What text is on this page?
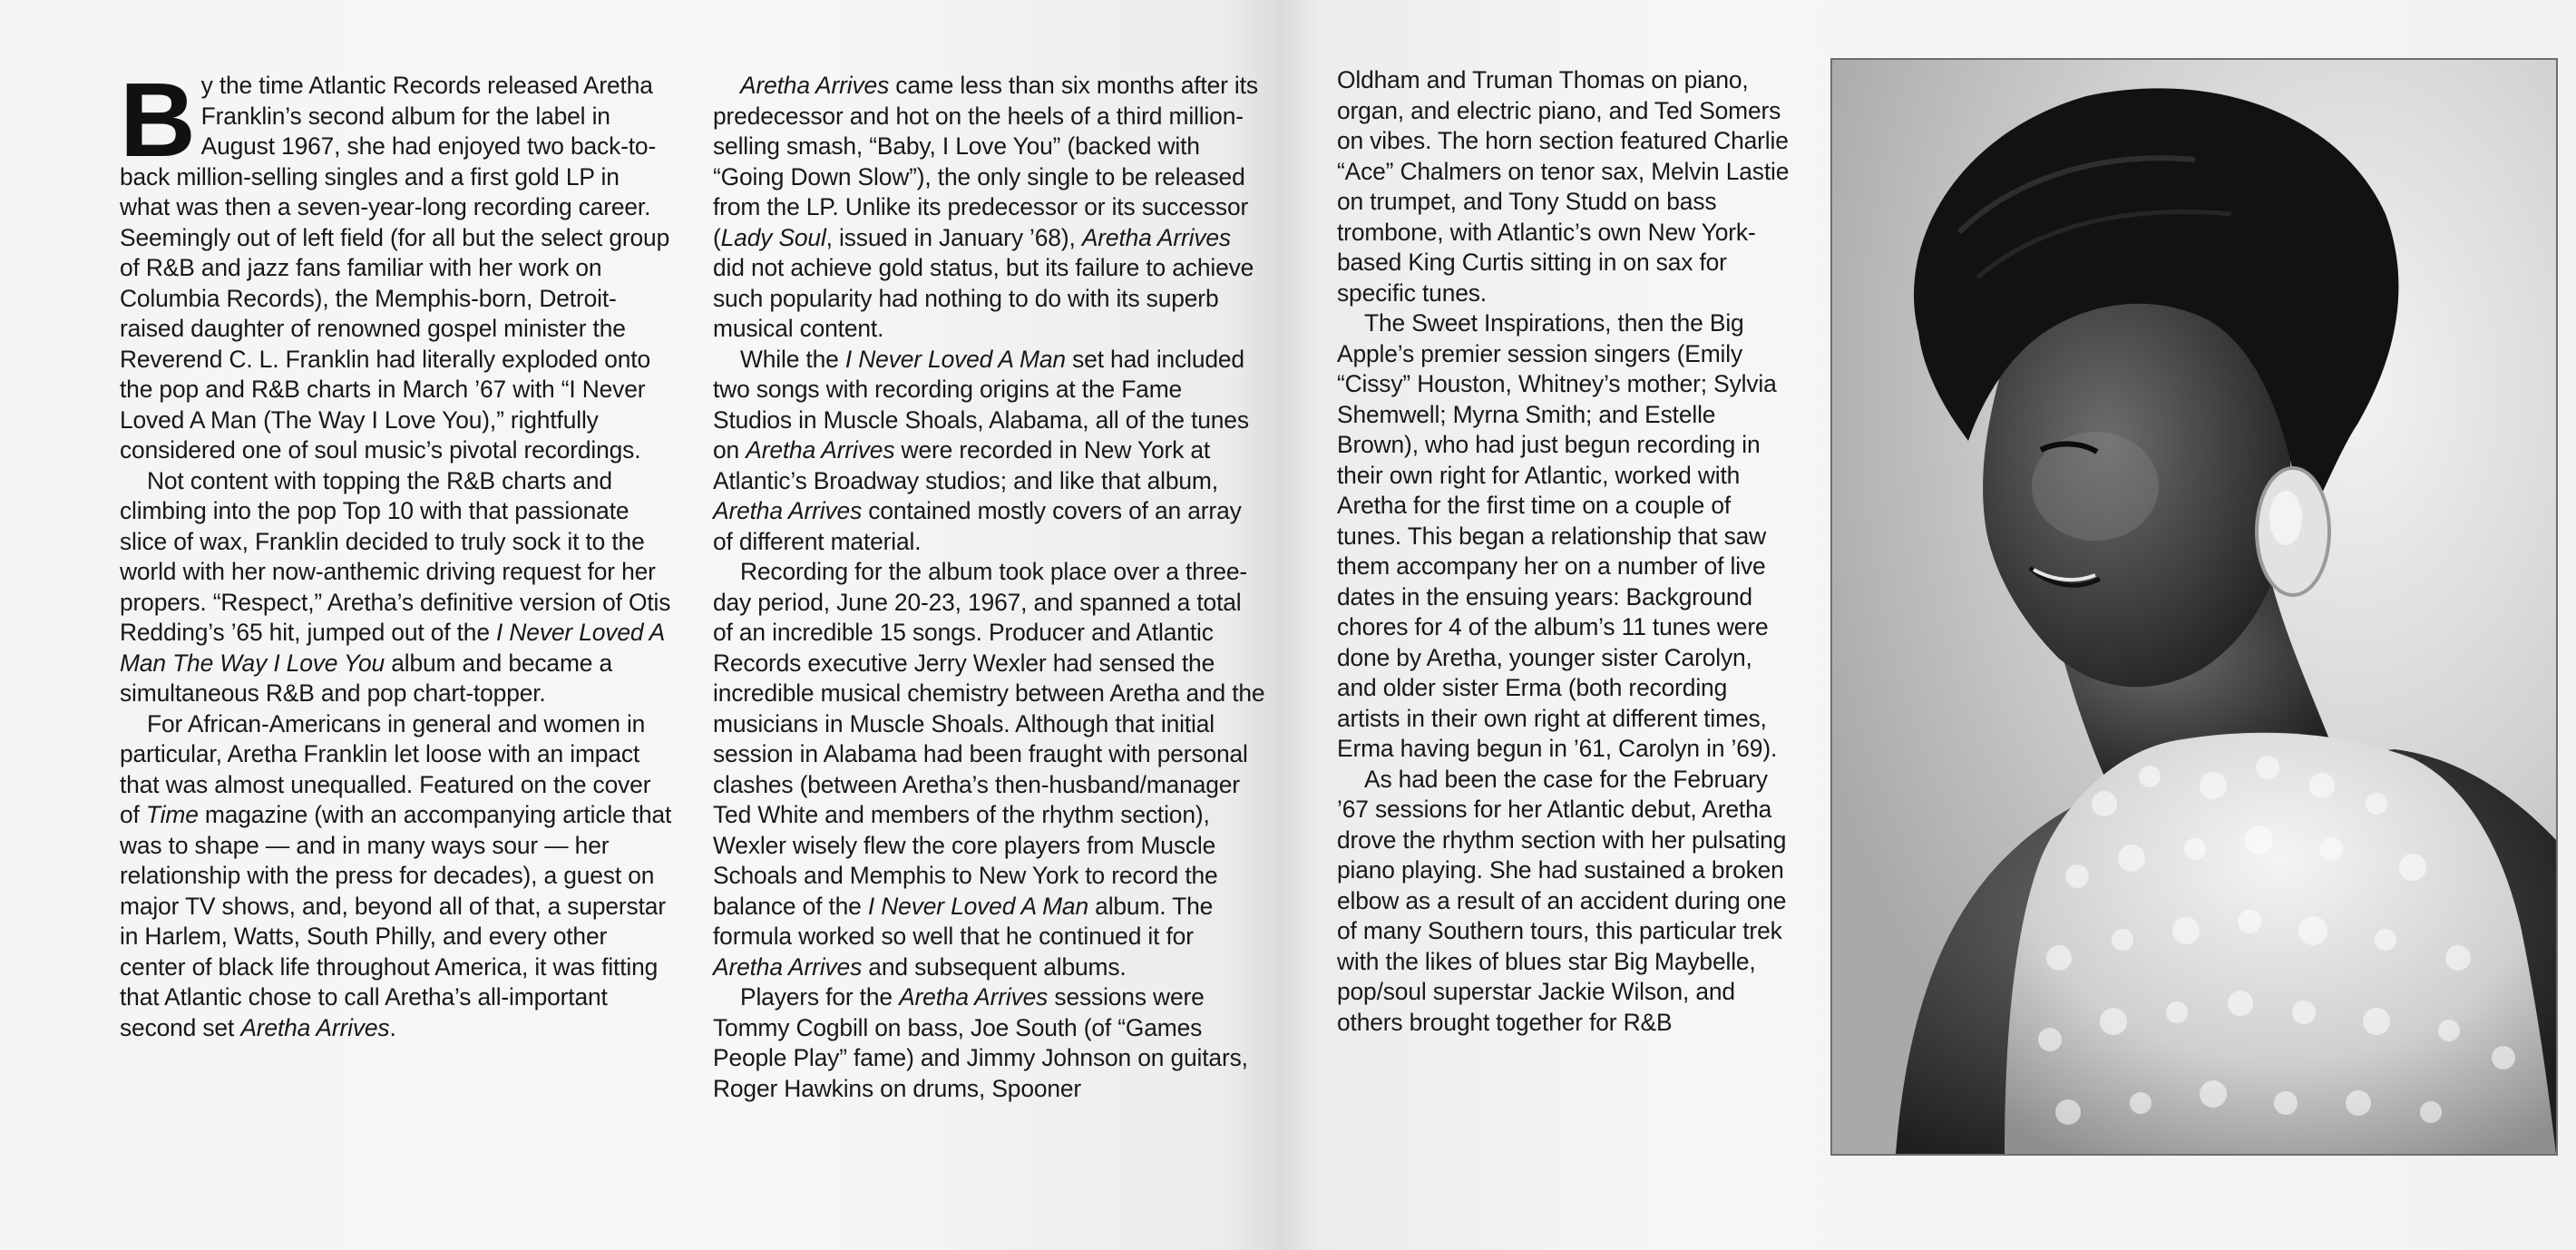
By the time Atlantic Records released Aretha Franklin’s second album for the label in August 1967, she had enjoyed two back-to-back million-selling singles and a first gold LP in what was then a seven-year-long recording career. Seemingly out of left field (for all but the select group of R&B and jazz fans familiar with her work on Columbia Records), the Memphis-born, Detroit-raised daughter of renowned gospel minister the Reverend C. L. Franklin had literally exploded onto the pop and R&B charts in March ’67 with “I Never Loved A Man (The Way I Love You),” rightfully considered one of soul music’s pivotal recordings.

Not content with topping the R&B charts and climbing into the pop Top 10 with that passionate slice of wax, Franklin decided to truly sock it to the world with her now-anthemic driving request for her propers. “Respect,” Aretha’s definitive version of Otis Redding’s ’65 hit, jumped out of the I Never Loved A Man The Way I Love You album and became a simultaneous R&B and pop chart-topper.

For African-Americans in general and women in particular, Aretha Franklin let loose with an impact that was almost unequalled. Featured on the cover of Time magazine (with an accompanying article that was to shape — and in many ways sour — her relationship with the press for decades), a guest on major TV shows, and, beyond all of that, a superstar in Harlem, Watts, South Philly, and every other center of black life throughout America, it was fitting that Atlantic chose to call Aretha’s all-important second set Aretha Arrives.

Aretha Arrives came less than six months after its predecessor and hot on the heels of a third million-selling smash, “Baby, I Love You” (backed with “Going Down Slow”), the only single to be released from the LP. Unlike its predecessor or its successor (Lady Soul, issued in January ’68), Aretha Arrives did not achieve gold status, but its failure to achieve such popularity had nothing to do with its superb musical content.

While the I Never Loved A Man set had included two songs with recording origins at the Fame Studios in Muscle Shoals, Alabama, all of the tunes on Aretha Arrives were recorded in New York at Atlantic’s Broadway studios; and like that album, Aretha Arrives contained mostly covers of an array of different material.

Recording for the album took place over a three-day period, June 20-23, 1967, and spanned a total of an incredible 15 songs. Producer and Atlantic Records executive Jerry Wexler had sensed the incredible musical chemistry between Aretha and the musicians in Muscle Shoals. Although that initial session in Alabama had been fraught with personal clashes (between Aretha’s then-husband/manager Ted White and members of the rhythm section), Wexler wisely flew the core players from Muscle Schoals and Memphis to New York to record the balance of the I Never Loved A Man album. The formula worked so well that he continued it for Aretha Arrives and subsequent albums.

Players for the Aretha Arrives sessions were Tommy Cogbill on bass, Joe South (of “Games People Play” fame) and Jimmy Johnson on guitars, Roger Hawkins on drums, Spooner

Oldham and Truman Thomas on piano, organ, and electric piano, and Ted Somers on vibes. The horn section featured Charlie “Ace” Chalmers on tenor sax, Melvin Lastie on trumpet, and Tony Studd on bass trombone, with Atlantic’s own New York-based King Curtis sitting in on sax for specific tunes.

The Sweet Inspirations, then the Big Apple’s premier session singers (Emily “Cissy” Houston, Whitney’s mother; Sylvia Shemwell; Myrna Smith; and Estelle Brown), who had just begun recording in their own right for Atlantic, worked with Aretha for the first time on a couple of tunes. This began a relationship that saw them accompany her on a number of live dates in the ensuing years: Background chores for 4 of the album’s 11 tunes were done by Aretha, younger sister Carolyn, and older sister Erma (both recording artists in their own right at different times, Erma having begun in ’61, Carolyn in ’69).

As had been the case for the February ’67 sessions for her Atlantic debut, Aretha drove the rhythm section with her pulsating piano playing. She had sustained a broken elbow as a result of an accident during one of many Southern tours, this particular trek with the likes of blues star Big Maybelle, pop/soul superstar Jackie Wilson, and others brought together for R&B
